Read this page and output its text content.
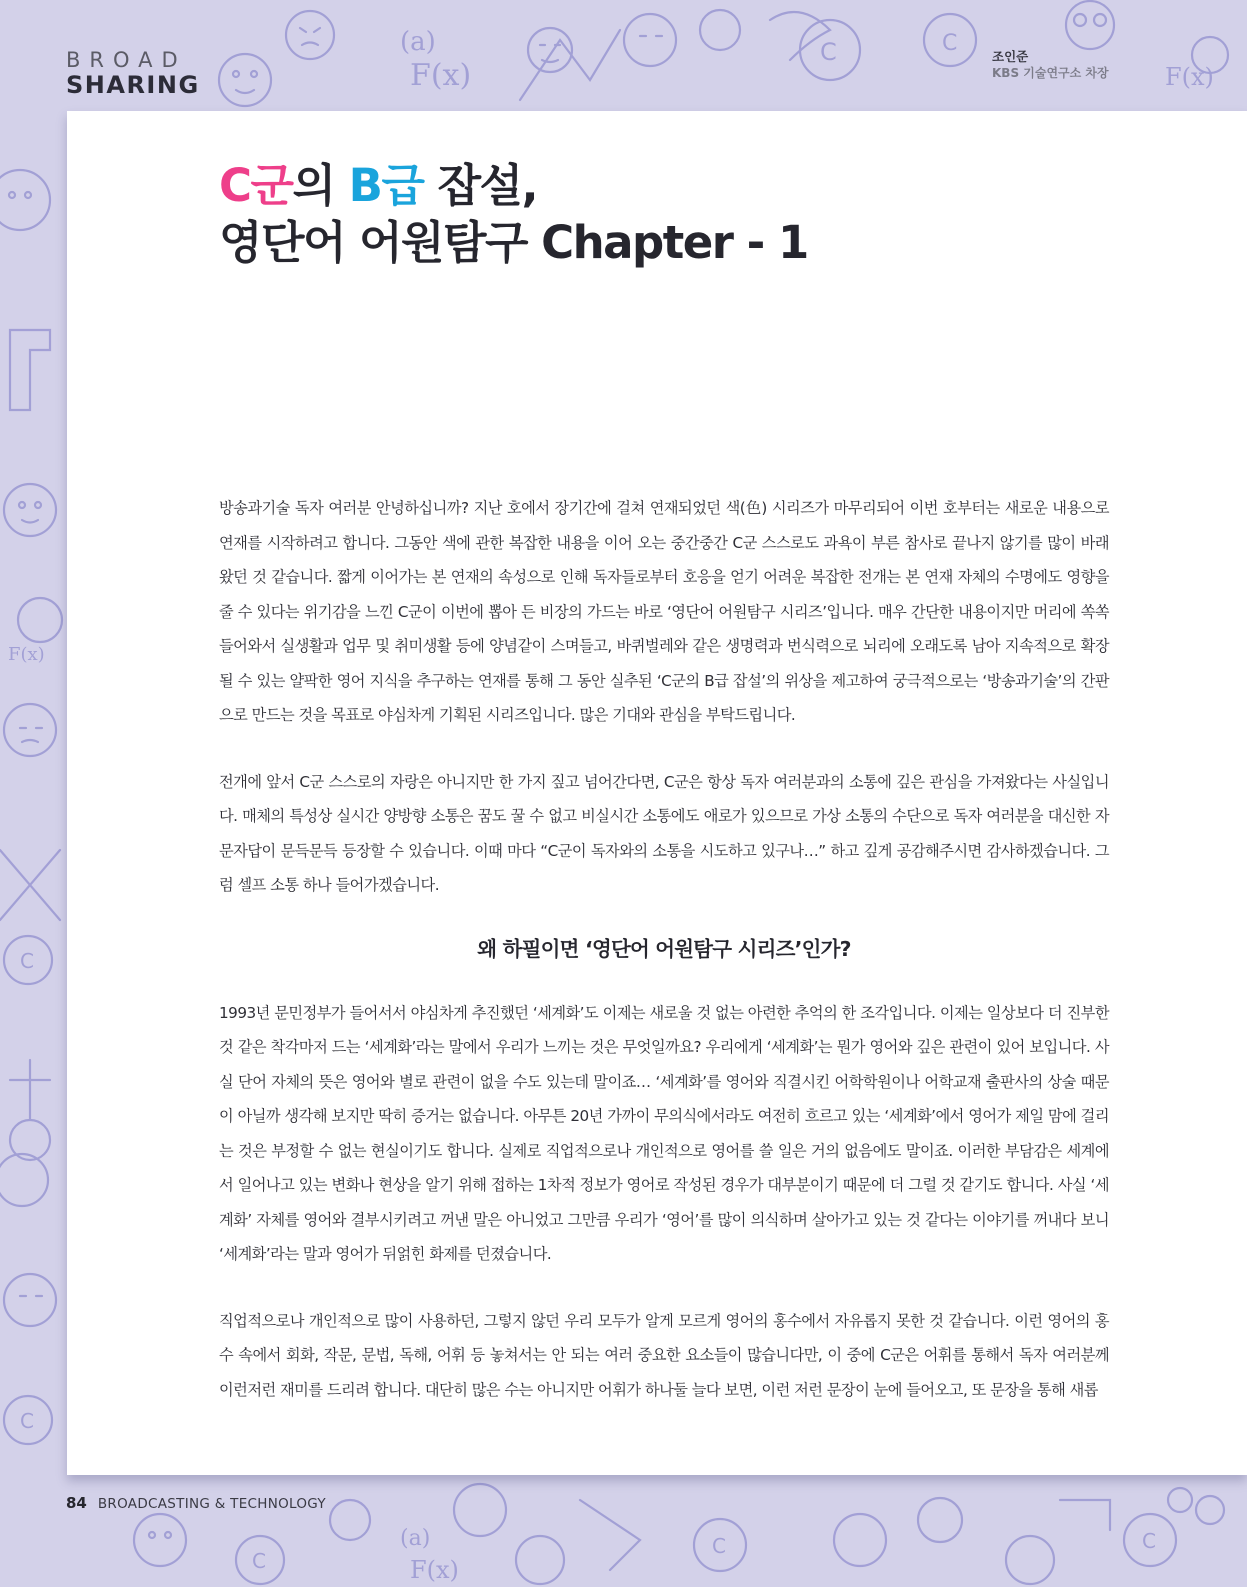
(a)
F(x)
C	C
F(x)
F(x)
C
C
C
(a)
F(x)
C	C
BROAD
SHARING
조인준
KBS 기술연구소 차장
C군의 B급 잡설,
영단어 어원탐구 Chapter - 1

방송과기술 독자 여러분 안녕하십니까? 지난 호에서 장기간에 걸쳐 연재되었던 색(色) 시리즈가 마무리되어 이번 호부터는 새로운 내용으로 연재를 시작하려고 합니다. 그동안 색에 관한 복잡한 내용을 이어 오는 중간중간 C군 스스로도 과욕이 부른 참사로 끝나지 않기를 많이 바래 왔던 것 같습니다. 짧게 이어가는 본 연재의 속성으로 인해 독자들로부터 호응을 얻기 어려운 복잡한 전개는 본 연재 자체의 수명에도 영향을 줄 수 있다는 위기감을 느낀 C군이 이번에 뽑아 든 비장의 가드는 바로 ‘영단어 어원탐구 시리즈’입니다. 매우 간단한 내용이지만 머리에 쏙쏙 들어와서 실생활과 업무 및 취미생활 등에 양념같이 스며들고, 바퀴벌레와 같은 생명력과 번식력으로 뇌리에 오래도록 남아 지속적으로 확장될 수 있는 얄팍한 영어 지식을 추구하는 연재를 통해 그 동안 실추된 ‘C군의 B급 잡설’의 위상을 제고하여 궁극적으로는 ‘방송과기술’의 간판으로 만드는 것을 목표로 야심차게 기획된 시리즈입니다. 많은 기대와 관심을 부탁드립니다.

전개에 앞서 C군 스스로의 자랑은 아니지만 한 가지 짚고 넘어간다면, C군은 항상 독자 여러분과의 소통에 깊은 관심을 가져왔다는 사실입니다. 매체의 특성상 실시간 양방향 소통은 꿈도 꿀 수 없고 비실시간 소통에도 애로가 있으므로 가상 소통의 수단으로 독자 여러분을 대신한 자문자답이 문득문득 등장할 수 있습니다. 이때 마다 “C군이 독자와의 소통을 시도하고 있구나…” 하고 깊게 공감해주시면 감사하겠습니다. 그럼 셀프 소통 하나 들어가겠습니다.

왜 하필이면 ‘영단어 어원탐구 시리즈’인가?

1993년 문민정부가 들어서서 야심차게 추진했던 ‘세계화’도 이제는 새로울 것 없는 아련한 추억의 한 조각입니다. 이제는 일상보다 더 진부한 것 같은 착각마저 드는 ‘세계화’라는 말에서 우리가 느끼는 것은 무엇일까요? 우리에게 ‘세계화’는 뭔가 영어와 깊은 관련이 있어 보입니다. 사실 단어 자체의 뜻은 영어와 별로 관련이 없을 수도 있는데 말이죠… ‘세계화’를 영어와 직결시킨 어학학원이나 어학교재 출판사의 상술 때문이 아닐까 생각해 보지만 딱히 증거는 없습니다. 아무튼 20년 가까이 무의식에서라도 여전히 흐르고 있는 ‘세계화’에서 영어가 제일 맘에 걸리는 것은 부정할 수 없는 현실이기도 합니다. 실제로 직업적으로나 개인적으로 영어를 쓸 일은 거의 없음에도 말이죠. 이러한 부담감은 세계에서 일어나고 있는 변화나 현상을 알기 위해 접하는 1차적 정보가 영어로 작성된 경우가 대부분이기 때문에 더 그럴 것 같기도 합니다. 사실 ‘세계화’ 자체를 영어와 결부시키려고 꺼낸 말은 아니었고 그만큼 우리가 ‘영어’를 많이 의식하며 살아가고 있는 것 같다는 이야기를 꺼내다 보니 ‘세계화’라는 말과 영어가 뒤얽힌 화제를 던졌습니다.

직업적으로나 개인적으로 많이 사용하던, 그렇지 않던 우리 모두가 알게 모르게 영어의 홍수에서 자유롭지 못한 것 같습니다. 이런 영어의 홍수 속에서 회화, 작문, 문법, 독해, 어휘 등 놓쳐서는 안 되는 여러 중요한 요소들이 많습니다만, 이 중에 C군은 어휘를 통해서 독자 여러분께 이런저런 재미를 드리려 합니다. 대단히 많은 수는 아니지만 어휘가 하나둘 늘다 보면, 이런 저런 문장이 눈에 들어오고, 또 문장을 통해 새롭

84 BROADCASTING & TECHNOLOGY
